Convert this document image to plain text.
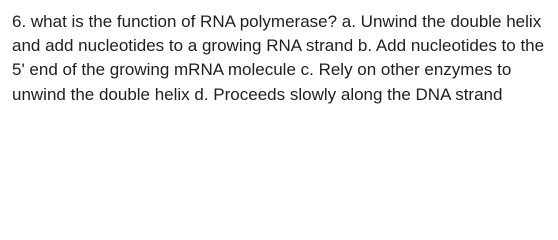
6. what is the function of RNA polymerase? a. Unwind the double helix and add nucleotides to a growing RNA strand b. Add nucleotides to the 5' end of the growing mRNA molecule c. Rely on other enzymes to unwind the double helix d. Proceeds slowly along the DNA strand
